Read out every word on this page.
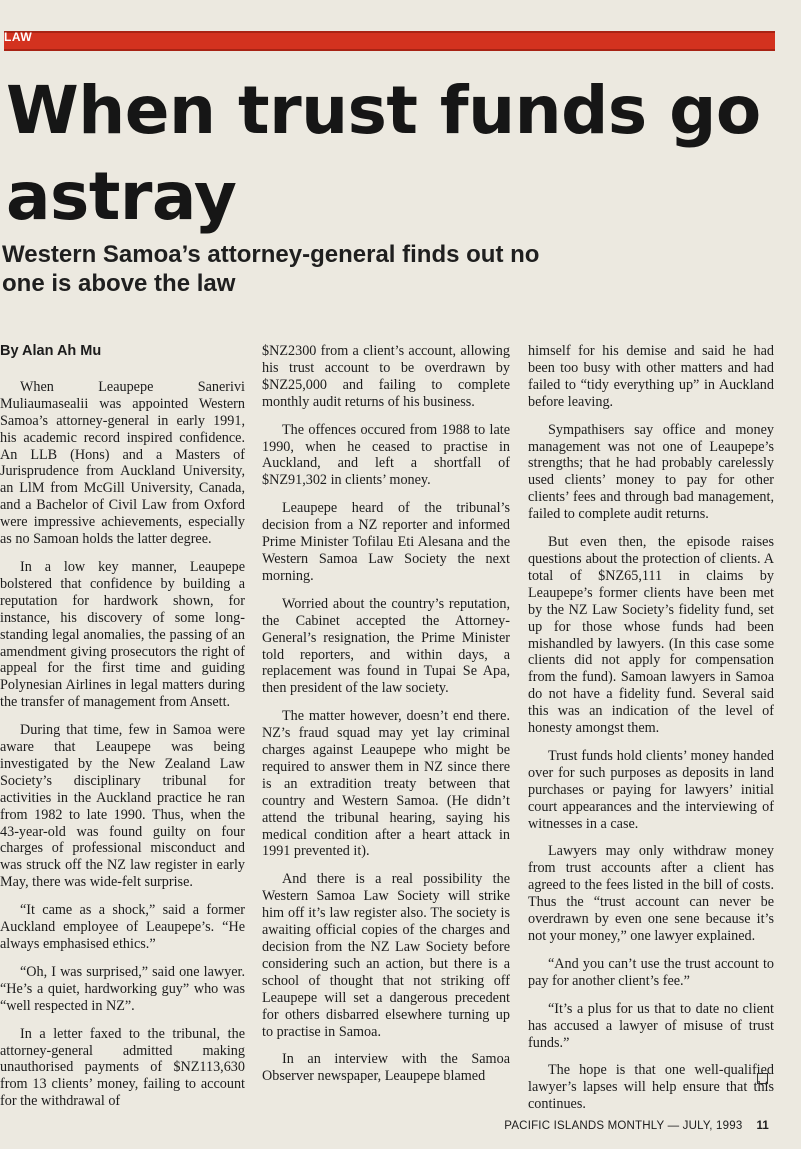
LAW
When trust funds go astray
Western Samoa’s attorney-general finds out no one is above the law
By Alan Ah Mu

When Leaupepe Sanerivi Muliaumasealii was appointed Western Samoa’s attorney-general in early 1991, his academic record inspired confidence. An LLB (Hons) and a Masters of Jurisprudence from Auckland University, an LlM from McGill University, Canada, and a Bachelor of Civil Law from Oxford were impressive achievements, especially as no Samoan holds the latter degree.

In a low key manner, Leaupepe bolstered that confidence by building a reputation for hardwork shown, for instance, his discovery of some long-standing legal anomalies, the passing of an amendment giving prosecutors the right of appeal for the first time and guiding Polynesian Airlines in legal matters during the transfer of management from Ansett.

During that time, few in Samoa were aware that Leaupepe was being investigated by the New Zealand Law Society’s disciplinary tribunal for activities in the Auckland practice he ran from 1982 to late 1990. Thus, when the 43-year-old was found guilty on four charges of professional misconduct and was struck off the NZ law register in early May, there was wide-felt surprise.

“It came as a shock,” said a former Auckland employee of Leaupepe’s. “He always emphasised ethics.”

“Oh, I was surprised,” said one lawyer. “He’s a quiet, hardworking guy” who was “well respected in NZ”.

In a letter faxed to the tribunal, the attorney-general admitted making unauthorised payments of $NZ113,630 from 13 clients’ money, failing to account for the withdrawal of

$NZ2300 from a client’s account, allowing his trust account to be overdrawn by $NZ25,000 and failing to complete monthly audit returns of his business.

The offences occured from 1988 to late 1990, when he ceased to practise in Auckland, and left a shortfall of $NZ91,302 in clients’ money.

Leaupepe heard of the tribunal’s decision from a NZ reporter and informed Prime Minister Tofilau Eti Alesana and the Western Samoa Law Society the next morning.

Worried about the country’s reputation, the Cabinet accepted the Attorney-General’s resignation, the Prime Minister told reporters, and within days, a replacement was found in Tupai Se Apa, then president of the law society.

The matter however, doesn’t end there. NZ’s fraud squad may yet lay criminal charges against Leaupepe who might be required to answer them in NZ since there is an extradition treaty between that country and Western Samoa. (He didn’t attend the tribunal hearing, saying his medical condition after a heart attack in 1991 prevented it).

And there is a real possibility the Western Samoa Law Society will strike him off it’s law register also. The society is awaiting official copies of the charges and decision from the NZ Law Society before considering such an action, but there is a school of thought that not striking off Leaupepe will set a dangerous precedent for others disbarred elsewhere turning up to practise in Samoa.

In an interview with the Samoa Observer newspaper, Leaupepe blamed

himself for his demise and said he had been too busy with other matters and had failed to “tidy everything up” in Auckland before leaving.

Sympathisers say office and money management was not one of Leaupepe’s strengths; that he had probably carelessly used clients’ money to pay for other clients’ fees and through bad management, failed to complete audit returns.

But even then, the episode raises questions about the protection of clients. A total of $NZ65,111 in claims by Leaupepe’s former clients have been met by the NZ Law Society’s fidelity fund, set up for those whose funds had been mishandled by lawyers. (In this case some clients did not apply for compensation from the fund). Samoan lawyers in Samoa do not have a fidelity fund. Several said this was an indication of the level of honesty amongst them.

Trust funds hold clients’ money handed over for such purposes as deposits in land purchases or paying for lawyers’ initial court appearances and the interviewing of witnesses in a case.

Lawyers may only withdraw money from trust accounts after a client has agreed to the fees listed in the bill of costs. Thus the “trust account can never be overdrawn by even one sene because it’s not your money,” one lawyer explained.

“And you can’t use the trust account to pay for another client’s fee.”

“It’s a plus for us that to date no client has accused a lawyer of misuse of trust funds.”

The hope is that one well-qualified lawyer’s lapses will help ensure that this continues.

PACIFIC ISLANDS MONTHLY — JULY, 1993 11
